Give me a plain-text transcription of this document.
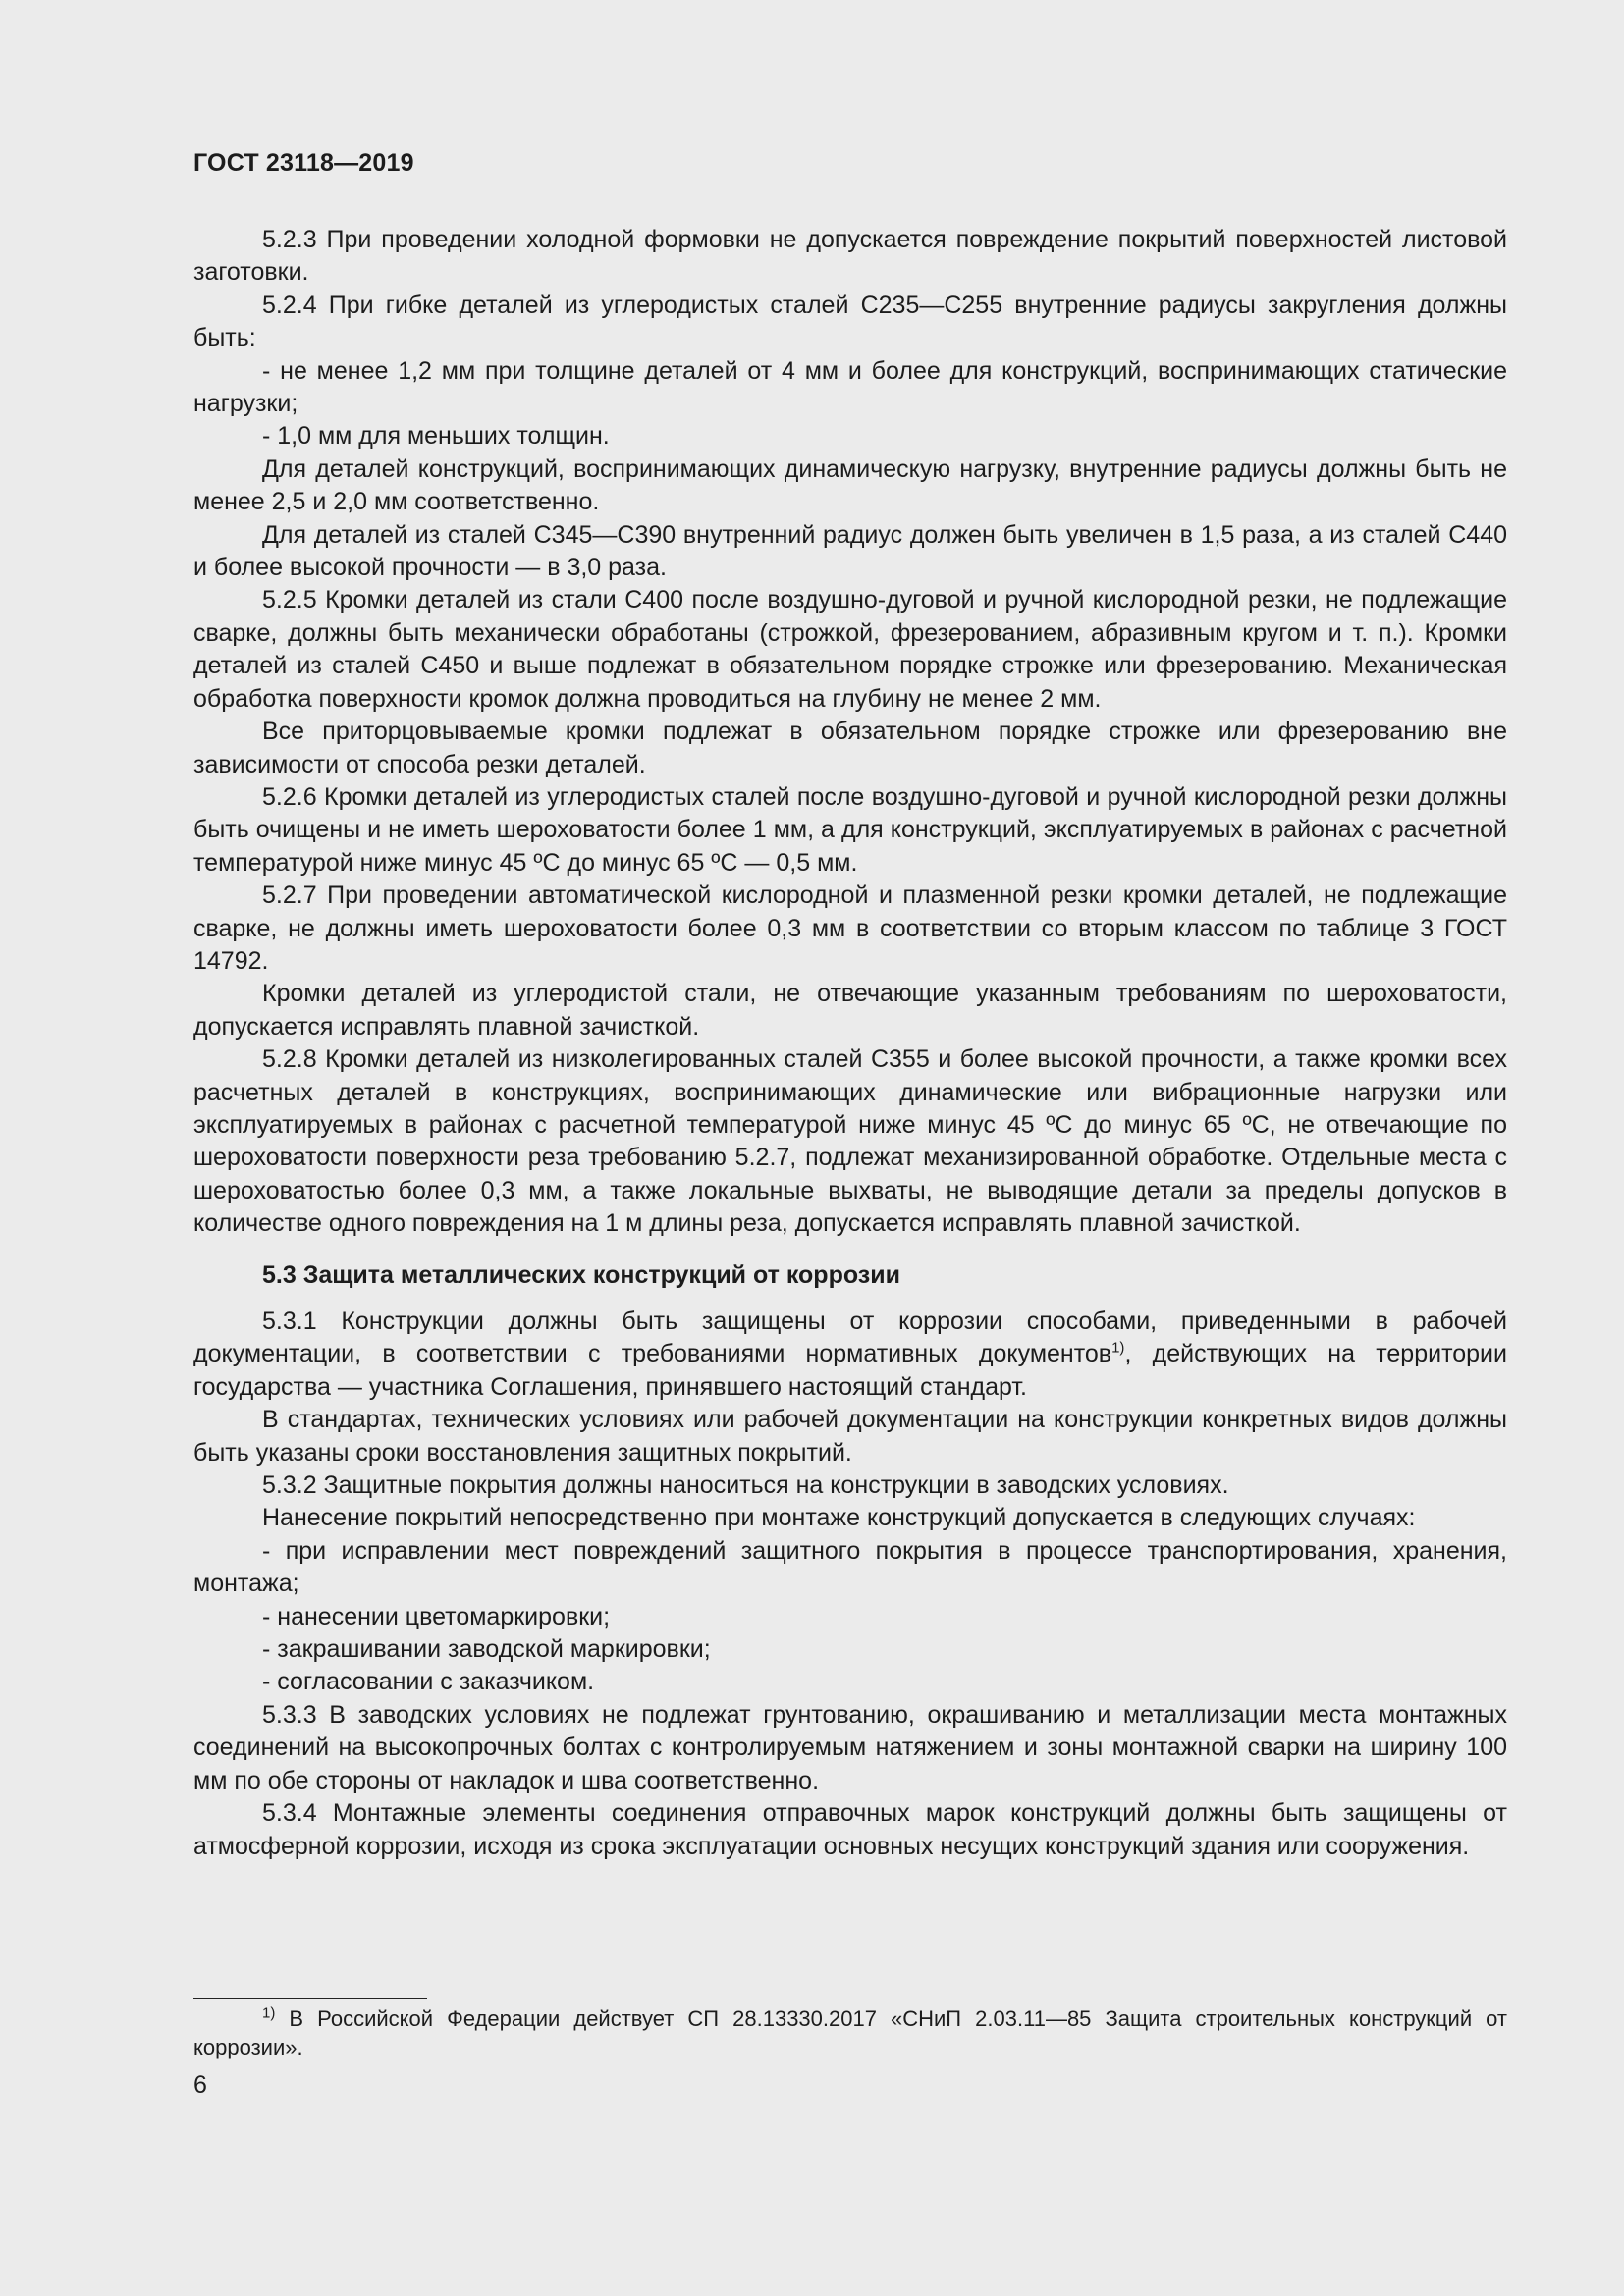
ГОСТ 23118—2019

5.2.3 При проведении холодной формовки не допускается повреждение покрытий поверхностей листовой заготовки.

5.2.4 При гибке деталей из углеродистых сталей С235—С255 внутренние радиусы закругления должны быть:

- не менее 1,2 мм при толщине деталей от 4 мм и более для конструкций, воспринимающих статические нагрузки;

- 1,0 мм для меньших толщин.

Для деталей конструкций, воспринимающих динамическую нагрузку, внутренние радиусы должны быть не менее 2,5 и 2,0 мм соответственно.

Для деталей из сталей С345—С390 внутренний радиус должен быть увеличен в 1,5 раза, а из сталей С440 и более высокой прочности — в 3,0 раза.

5.2.5 Кромки деталей из стали С400 после воздушно-дуговой и ручной кислородной резки, не подлежащие сварке, должны быть механически обработаны (строжкой, фрезерованием, абразивным кругом и т. п.). Кромки деталей из сталей С450 и выше подлежат в обязательном порядке строжке или фрезерованию. Механическая обработка поверхности кромок должна проводиться на глубину не менее 2 мм.

Все приторцовываемые кромки подлежат в обязательном порядке строжке или фрезерованию вне зависимости от способа резки деталей.

5.2.6 Кромки деталей из углеродистых сталей после воздушно-дуговой и ручной кислородной резки должны быть очищены и не иметь шероховатости более 1 мм, а для конструкций, эксплуатируемых в районах с расчетной температурой ниже минус 45 ºС до минус 65 ºС — 0,5 мм.

5.2.7 При проведении автоматической кислородной и плазменной резки кромки деталей, не подлежащие сварке, не должны иметь шероховатости более 0,3 мм в соответствии со вторым классом по таблице 3 ГОСТ 14792.

Кромки деталей из углеродистой стали, не отвечающие указанным требованиям по шероховатости, допускается исправлять плавной зачисткой.

5.2.8 Кромки деталей из низколегированных сталей С355 и более высокой прочности, а также кромки всех расчетных деталей в конструкциях, воспринимающих динамические или вибрационные нагрузки или эксплуатируемых в районах с расчетной температурой ниже минус 45 ºС до минус 65 ºС, не отвечающие по шероховатости поверхности реза требованию 5.2.7, подлежат механизированной обработке. Отдельные места с шероховатостью более 0,3 мм, а также локальные выхваты, не выводящие детали за пределы допусков в количестве одного повреждения на 1 м длины реза, допускается исправлять плавной зачисткой.

5.3 Защита металлических конструкций от коррозии

5.3.1 Конструкции должны быть защищены от коррозии способами, приведенными в рабочей документации, в соответствии с требованиями нормативных документов$^{1)}$, действующих на территории государства — участника Соглашения, принявшего настоящий стандарт.

В стандартах, технических условиях или рабочей документации на конструкции конкретных видов должны быть указаны сроки восстановления защитных покрытий.

5.3.2 Защитные покрытия должны наноситься на конструкции в заводских условиях.

Нанесение покрытий непосредственно при монтаже конструкций допускается в следующих случаях:

- при исправлении мест повреждений защитного покрытия в процессе транспортирования, хранения, монтажа;

- нанесении цветомаркировки;

- закрашивании заводской маркировки;

- согласовании с заказчиком.

5.3.3 В заводских условиях не подлежат грунтованию, окрашиванию и металлизации места монтажных соединений на высокопрочных болтах с контролируемым натяжением и зоны монтажной сварки на ширину 100 мм по обе стороны от накладок и шва соответственно.

5.3.4 Монтажные элементы соединения отправочных марок конструкций должны быть защищены от атмосферной коррозии, исходя из срока эксплуатации основных несущих конструкций здания или сооружения.

$^{1)}$ В Российской Федерации действует СП 28.13330.2017 «СНиП 2.03.11—85 Защита строительных конструкций от коррозии».

6
